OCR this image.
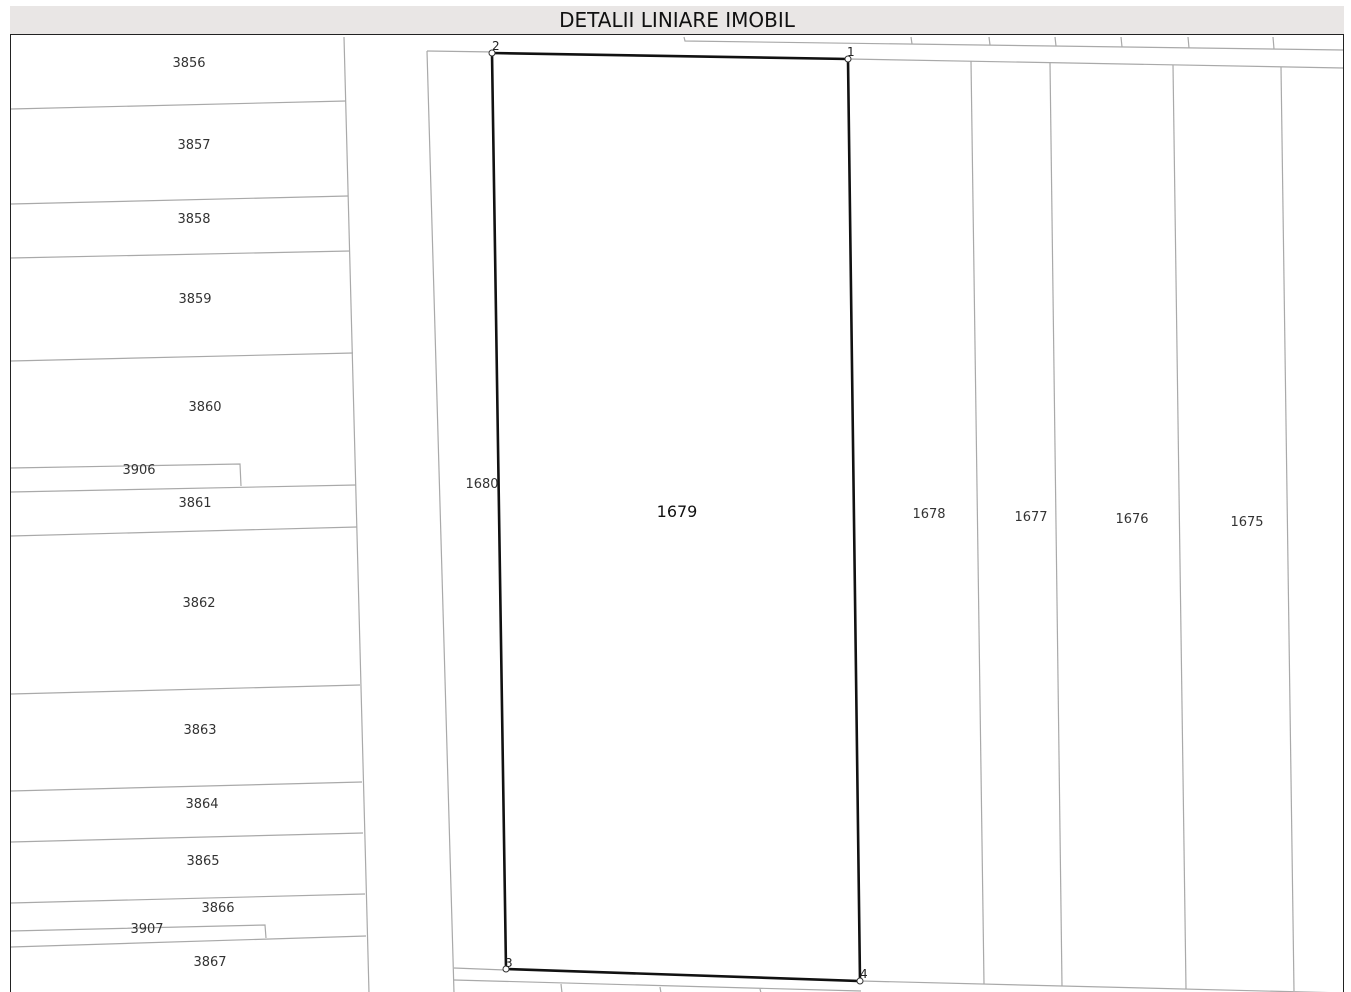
DETALII LINIARE IMOBIL
1
2
3
4
3856
3857
3858
3859
3860
3906
3861
3862
3863
3864
3865
3866
3907
3867
1680
1679	1678	1677	1676	1675
